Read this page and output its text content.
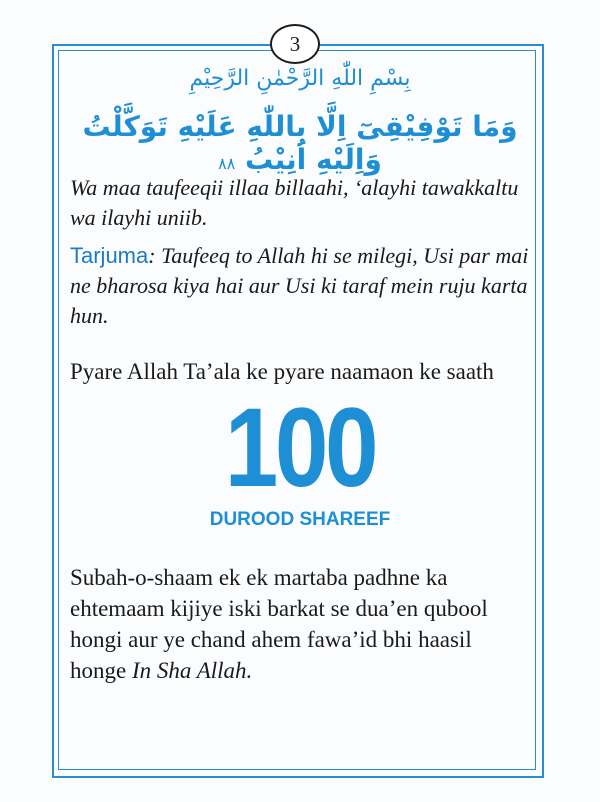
3
بِسْمِ اللّٰهِ الرَّحْمٰنِ الرَّحِيْمِ
وَمَا تَوْفِيْقِىٓ اِلَّا بِاللّٰهِ عَلَيْهِ تَوَكَّلْتُ وَاِلَيْهِ اُنِيْبُ ۸۸
Wa maa taufeeqii illaa billaahi, ‘alayhi tawakkaltu wa ilayhi uniib.
Tarjuma: Taufeeq to Allah hi se milegi, Usi par mai ne bharosa kiya hai aur Usi ki taraf mein ruju karta hun.
Pyare Allah Ta’ala ke pyare naamaon ke saath
100
DUROOD SHAREEF
Subah-o-shaam ek ek martaba padhne ka ehtemaam kijiye iski barkat se dua’en qubool hongi aur ye chand ahem fawa’id bhi haasil honge In Sha Allah.
